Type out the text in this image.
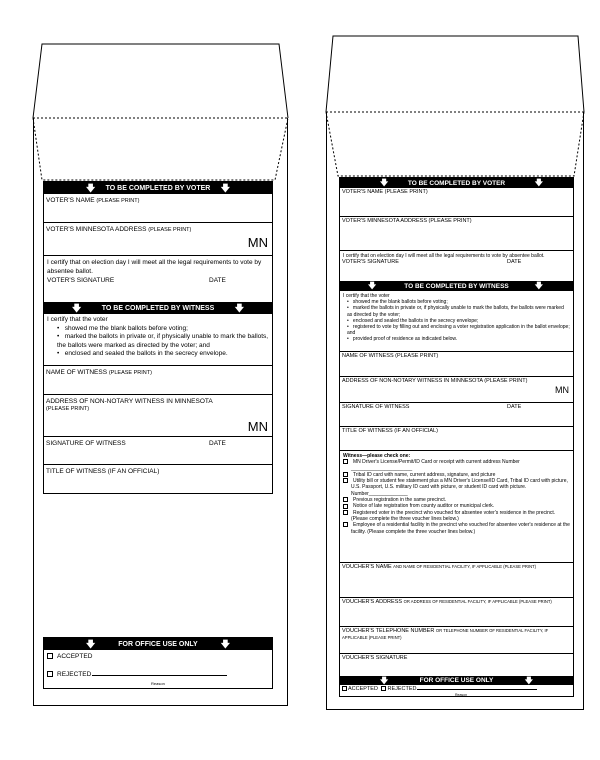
🡇 TO BE COMPLETED BY VOTER 🡇
VOTER'S NAME (PLEASE PRINT)
VOTER'S MINNESOTA ADDRESS (PLEASE PRINT)
MN
I certify that on election day I will meet all the legal requirements to vote by absentee ballot.
VOTER'S SIGNATURE	DATE
🡇	TO BE COMPLETED BY WITNESS 🡇
I certify that the voter
•   showed me the blank ballots before voting;
•   marked the ballots in private or, if physically unable to mark the ballots, the ballots were marked as directed by the voter; and
•   enclosed and sealed the ballots in the secrecy envelope.
NAME OF WITNESS (PLEASE PRINT)
ADDRESS OF NON-NOTARY WITNESS IN MINNESOTA
(PLEASE PRINT)
MN
SIGNATURE OF WITNESS	DATE
TITLE OF WITNESS (IF AN OFFICIAL)
🡇	FOR OFFICE USE ONLY	🡇
ACCEPTED
REJECTED
Reason
🡇	TO BE COMPLETED BY VOTER	🡇
VOTER'S NAME (PLEASE PRINT)
VOTER'S MINNESOTA ADDRESS (PLEASE PRINT)
I certify that on election day I will meet all the legal requirements to vote by absentee ballot.
VOTER'S SIGNATURE	DATE
🡇	TO BE COMPLETED BY WITNESS	🡇
I certify that the voter
•   showed me the blank ballots before voting;
•   marked the ballots in private or, if physically unable to mark the ballots, the ballots were marked as directed by the voter;
•   enclosed and sealed the ballots in the secrecy envelope;
•   registered to vote by filling out and enclosing a voter registration application in the ballot envelope; and
•   provided proof of residence as indicated below.
NAME OF WITNESS (PLEASE PRINT)
ADDRESS OF NON-NOTARY WITNESS IN MINNESOTA (PLEASE PRINT)
MN
SIGNATURE OF WITNESS	DATE
TITLE OF WITNESS (IF AN OFFICIAL)
Witness—please check one:
MN Driver's License/Permit/ID Card or receipt with current address Number ______________________
Tribal ID card with name, current address, signature, and picture
Utility bill or student fee statement plus a MN Driver's License/ID Card, Tribal ID card with picture, U.S. Passport, U.S. military ID card with picture, or student ID card with picture. Number______________
Previous registration in the same precinct.
Notice of late registration from county auditor or municipal clerk.
Registered voter in the precinct who vouched for absentee voter's residence in the precinct. (Please complete the three voucher lines below.)
Employee of a residential facility in the precinct who vouched for absentee voter's residence at the facility. (Please complete the three voucher lines below.)
VOUCHER'S NAME AND NAME OF RESIDENTIAL FACILITY, IF APPLICABLE (PLEASE PRINT)
VOUCHER'S ADDRESS OR ADDRESS OF RESIDENTIAL FACILITY, IF APPLICABLE (PLEASE PRINT)
VOUCHER'S TELEPHONE NUMBER OR TELEPHONE NUMBER OF RESIDENTIAL FACILITY, IF APPLICABLE (PLEASE PRINT)
VOUCHER'S SIGNATURE
🡇	FOR OFFICE USE ONLY	🡇
ACCEPTED REJECTED
Reason
